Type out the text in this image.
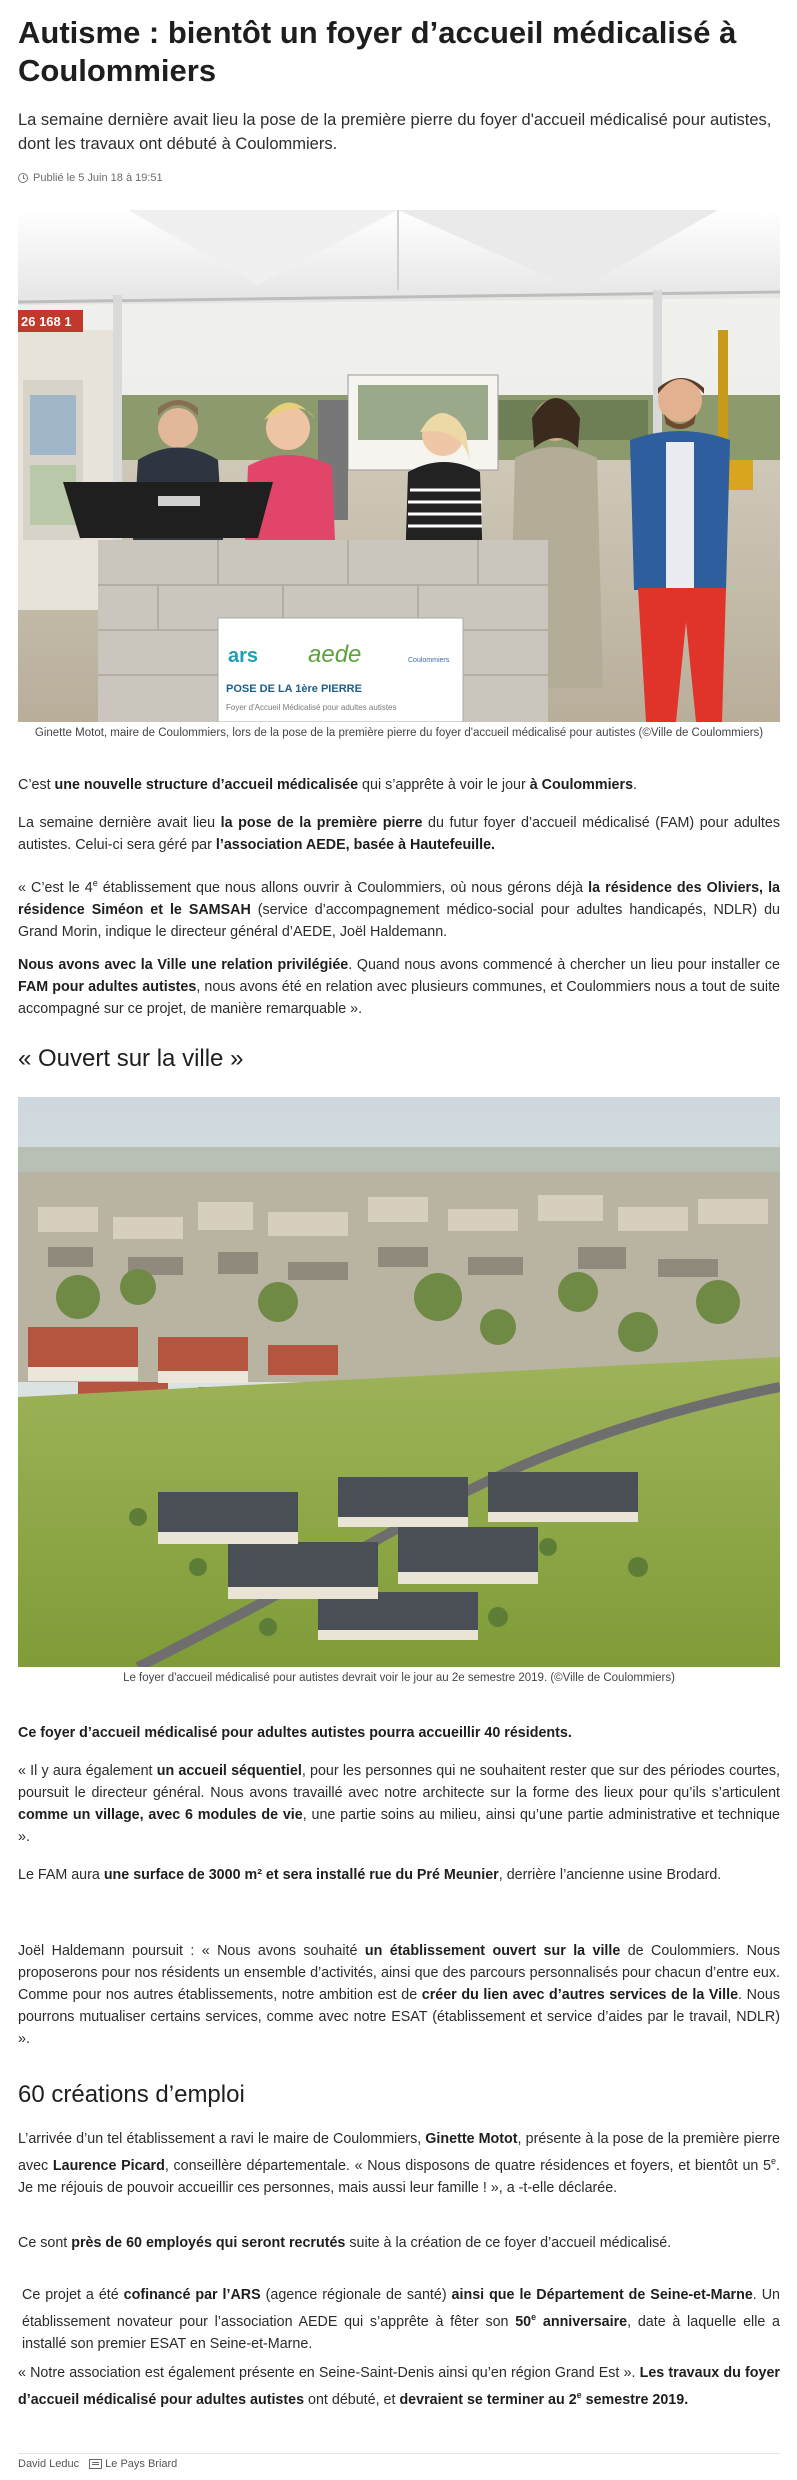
Autisme : bientôt un foyer d’accueil médicalisé à Coulommiers

La semaine dernière avait lieu la pose de la première pierre du foyer d'accueil médicalisé pour autistes, dont les travaux ont débuté à Coulommiers.

Publié le 5 Juin 18 à 19:51
26 168 1
ars aede	Coulommiers
POSE DE LA 1ère PIERRE
Foyer d'Accueil Médicalisé pour adultes autistes
Ginette Motot, maire de Coulommiers, lors de la pose de la première pierre du foyer d'accueil médicalisé pour autistes (©Ville de Coulommiers)

C’est une nouvelle structure d’accueil médicalisée qui s’apprête à voir le jour à Coulommiers.

La semaine dernière avait lieu la pose de la première pierre du futur foyer d’accueil médicalisé (FAM) pour adultes autistes. Celui-ci sera géré par l’association AEDE, basée à Hautefeuille.

« C’est le 4e établissement que nous allons ouvrir à Coulommiers, où nous gérons déjà la résidence des Oliviers, la résidence Siméon et le SAMSAH (service d’accompagnement médico-social pour adultes handicapés, NDLR) du Grand Morin, indique le directeur général d’AEDE, Joël Haldemann.

Nous avons avec la Ville une relation privilégiée. Quand nous avons commencé à chercher un lieu pour installer ce FAM pour adultes autistes, nous avons été en relation avec plusieurs communes, et Coulommiers nous a tout de suite accompagné sur ce projet, de manière remarquable ».

« Ouvert sur la ville »
Le foyer d'accueil médicalisé pour autistes devrait voir le jour au 2e semestre 2019. (©Ville de Coulommiers)

Ce foyer d’accueil médicalisé pour adultes autistes pourra accueillir 40 résidents.

« Il y aura également un accueil séquentiel, pour les personnes qui ne souhaitent rester que sur des périodes courtes, poursuit le directeur général. Nous avons travaillé avec notre architecte sur la forme des lieux pour qu’ils s’articulent comme un village, avec 6 modules de vie, une partie soins au milieu, ainsi qu’une partie administrative et technique ».

Le FAM aura une surface de 3000 m² et sera installé rue du Pré Meunier, derrière l’ancienne usine Brodard.

Joël Haldemann poursuit : « Nous avons souhaité un établissement ouvert sur la ville de Coulommiers. Nous proposerons pour nos résidents un ensemble d’activités, ainsi que des parcours personnalisés pour chacun d’entre eux. Comme pour nos autres établissements, notre ambition est de créer du lien avec d’autres services de la Ville. Nous pourrons mutualiser certains services, comme avec notre ESAT (établissement et service d’aides par le travail, NDLR) ».

60 créations d’emploi

L’arrivée d’un tel établissement a ravi le maire de Coulommiers, Ginette Motot, présente à la pose de la première pierre avec Laurence Picard, conseillère départementale. « Nous disposons de quatre résidences et foyers, et bientôt un 5e. Je me réjouis de pouvoir accueillir ces personnes, mais aussi leur famille ! », a -t-elle déclarée.

Ce sont près de 60 employés qui seront recrutés suite à la création de ce foyer d’accueil médicalisé.

Ce projet a été cofinancé par l’ARS (agence régionale de santé) ainsi que le Département de Seine-et-Marne. Un établissement novateur pour l’association AEDE qui s’apprête à fêter son 50e anniversaire, date à laquelle elle a installé son premier ESAT en Seine-et-Marne.

« Notre association est également présente en Seine-Saint-Denis ainsi qu’en région Grand Est ». Les travaux du foyer d’accueil médicalisé pour adultes autistes ont débuté, et devraient se terminer au 2e semestre 2019.

David Leduc Le Pays Briard
